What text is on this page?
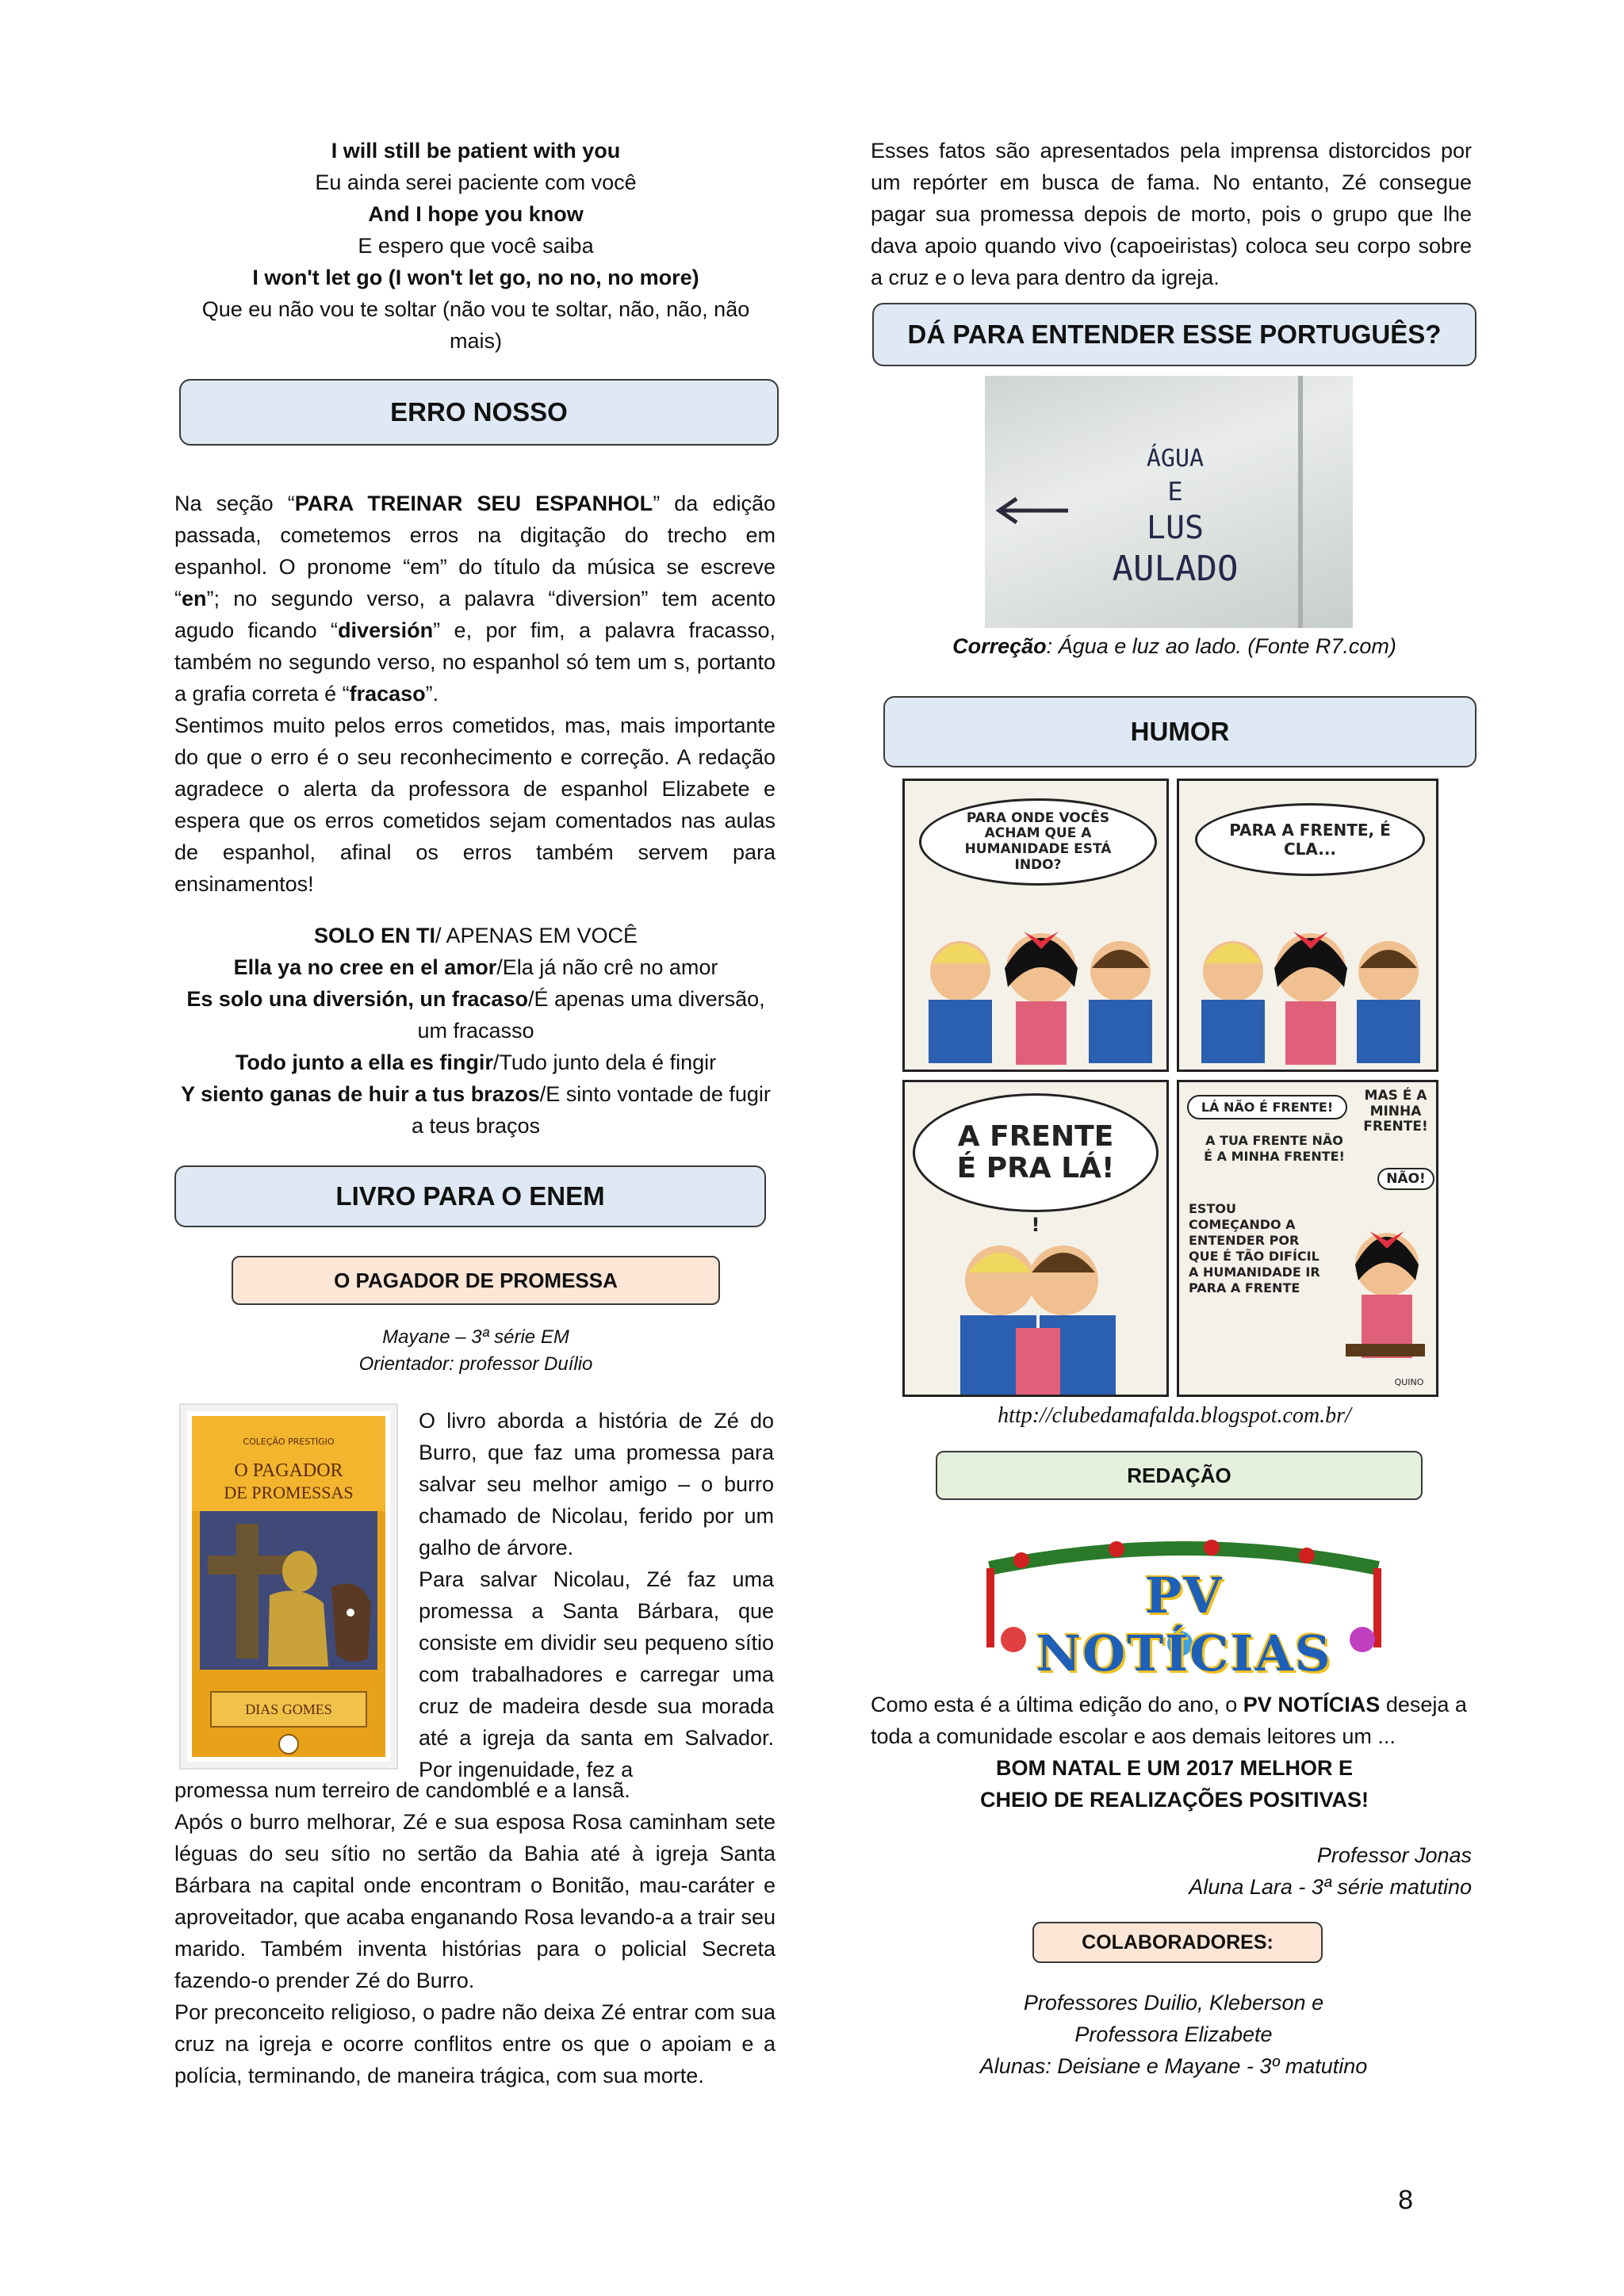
I will still be patient with you
Eu ainda serei paciente com você
And I hope you know
E espero que você saiba
I won't let go (I won't let go, no no, no more)
Que eu não vou te soltar (não vou te soltar, não, não, não
mais)
ERRO NOSSO

Na seção “PARA TREINAR SEU ESPANHOL” da edição passada, cometemos erros na digitação do trecho em espanhol. O pronome “em” do título da música se escreve “en”; no segundo verso, a palavra “diversion” tem acento agudo ficando “diversión” e, por fim, a palavra fracasso, também no segundo verso, no espanhol só tem um s, portanto a grafia correta é “fracaso”.

Sentimos muito pelos erros cometidos, mas, mais importante do que o erro é o seu reconhecimento e correção. A redação agradece o alerta da professora de espanhol Elizabete e espera que os erros cometidos sejam comentados nas aulas de espanhol, afinal os erros também servem para ensinamentos!

SOLO EN TI/ APENAS EM VOCÊ
Ella ya no cree en el amor/Ela já não crê no amor
Es solo una diversión, un fracaso/É apenas uma diversão,
um fracasso
Todo junto a ella es fingir/Tudo junto dela é fingir
Y siento ganas de huir a tus brazos/E sinto vontade de fugir
a teus braços
LIVRO PARA O ENEM
O PAGADOR DE PROMESSA
Mayane – 3ª série EM
Orientador: professor Duílio
COLEÇÃO PRESTÍGIO
O PAGADOR
DE PROMESSAS
DIAS GOMES

O livro aborda a história de Zé do Burro, que faz uma promessa para salvar seu melhor amigo – o burro chamado de Nicolau, ferido por um galho de árvore.

Para salvar Nicolau, Zé faz uma promessa a Santa Bárbara, que consiste em dividir seu pequeno sítio com trabalhadores e carregar uma cruz de madeira desde sua morada até a igreja da santa em Salvador. Por ingenuidade, fez a

promessa num terreiro de candomblé e a Iansã.

Após o burro melhorar, Zé e sua esposa Rosa caminham sete léguas do seu sítio no sertão da Bahia até à igreja Santa Bárbara na capital onde encontram o Bonitão, mau-caráter e aproveitador, que acaba enganando Rosa levando-a a trair seu marido. Também inventa histórias para o policial Secreta fazendo-o prender Zé do Burro.

Por preconceito religioso, o padre não deixa Zé entrar com sua cruz na igreja e ocorre conflitos entre os que o apoiam e a polícia, terminando, de maneira trágica, com sua morte.

Esses fatos são apresentados pela imprensa distorcidos por um repórter em busca de fama. No entanto, Zé consegue pagar sua promessa depois de morto, pois o grupo que lhe dava apoio quando vivo (capoeiristas) coloca seu corpo sobre a cruz e o leva para dentro da igreja.

DÁ PARA ENTENDER ESSE PORTUGUÊS?
ÁGUA
E
LUS
AULADO
Correção: Água e luz ao lado. (Fonte R7.com)
HUMOR
PARA ONDE VOCÊS ACHAM QUE A HUMANIDADE ESTÁ INDO?
PARA A FRENTE, É CLA...
A FRENTE É PRA LÁ!
!
LÁ NÃO É FRENTE!
MAS É A MINHA FRENTE!
A TUA FRENTE NÃO É A MINHA FRENTE!
NÃO!
ESTOU COMEÇANDO A ENTENDER POR QUE É TÃO DIFÍCIL A HUMANIDADE IR PARA A FRENTE
QUINO
http://clubedamafalda.blogspot.com.br/
REDAÇÃO
PV NOTÍCIAS

Como esta é a última edição do ano, o PV NOTÍCIAS deseja a toda a comunidade escolar e aos demais leitores um ...

BOM NATAL E UM 2017 MELHOR E
CHEIO DE REALIZAÇÕES POSITIVAS!
Professor Jonas
Aluna Lara - 3ª série matutino
COLABORADORES:
Professores Duilio, Kleberson e
Professora Elizabete
Alunas: Deisiane e Mayane - 3º matutino
8
